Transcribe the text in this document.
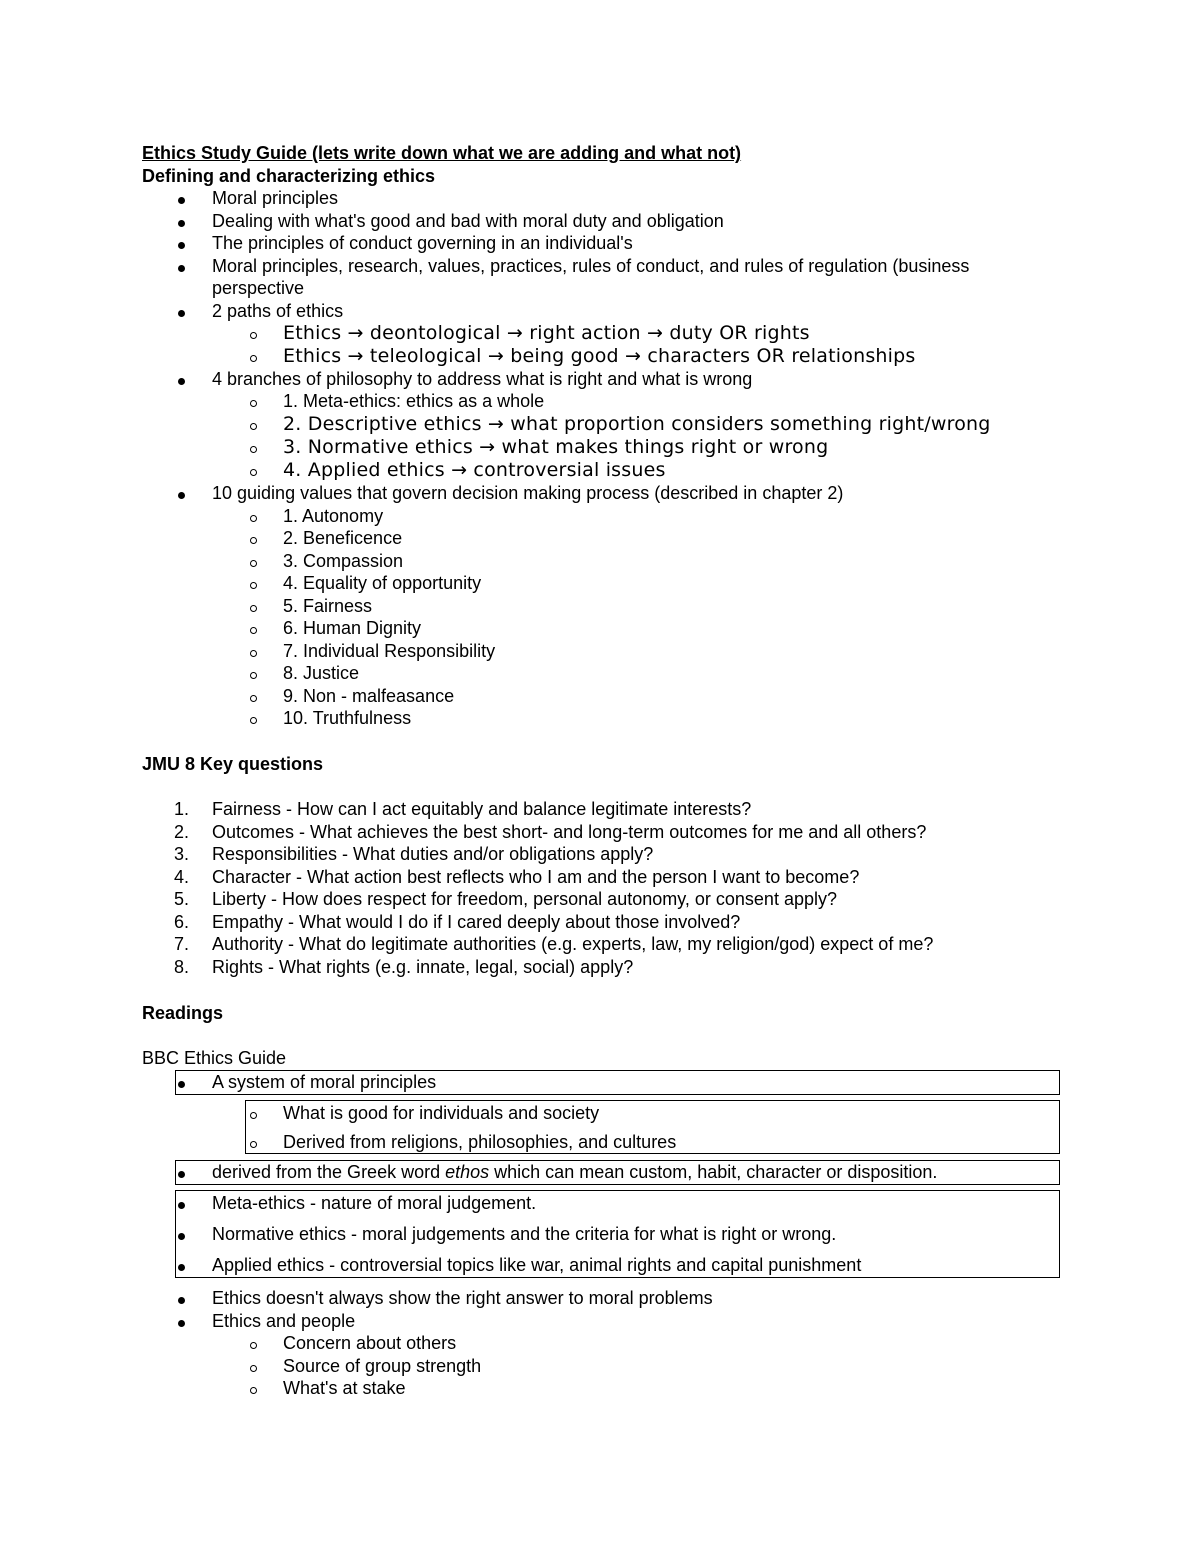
Ethics Study Guide (lets write down what we are adding and what not)
Defining and characterizing ethics
Moral principles
Dealing with what's good and bad with moral duty and obligation
The principles of conduct governing in an individual's
Moral principles, research, values, practices, rules of conduct, and rules of regulation (business
perspective
2 paths of ethics
Ethics → deontological → right action → duty OR rights
Ethics → teleological → being good → characters OR relationships
4 branches of philosophy to address what is right and what is wrong
1. Meta-ethics: ethics as a whole
2. Descriptive ethics → what proportion considers something right/wrong
3. Normative ethics → what makes things right or wrong
4. Applied ethics → controversial issues
10 guiding values that govern decision making process (described in chapter 2)
1. Autonomy
2. Beneficence
3. Compassion
4. Equality of opportunity
5. Fairness
6. Human Dignity
7. Individual Responsibility
8. Justice
9. Non - malfeasance
10. Truthfulness
JMU 8 Key questions
1.	Fairness - How can I act equitably and balance legitimate interests?
2.	Outcomes - What achieves the best short- and long-term outcomes for me and all others?
3.	Responsibilities - What duties and/or obligations apply?
4.	Character - What action best reflects who I am and the person I want to become?
5.	Liberty - How does respect for freedom, personal autonomy, or consent apply?
6.	Empathy - What would I do if I cared deeply about those involved?
7.	Authority - What do legitimate authorities (e.g. experts, law, my religion/god) expect of me?
8.	Rights - What rights (e.g. innate, legal, social) apply?
Readings
BBC Ethics Guide
A system of moral principles
What is good for individuals and society
Derived from religions, philosophies, and cultures
derived from the Greek word ethos which can mean custom, habit, character or disposition.
Meta-ethics - nature of moral judgement.
Normative ethics - moral judgements and the criteria for what is right or wrong.
Applied ethics - controversial topics like war, animal rights and capital punishment
Ethics doesn't always show the right answer to moral problems
Ethics and people
Concern about others
Source of group strength
What's at stake
